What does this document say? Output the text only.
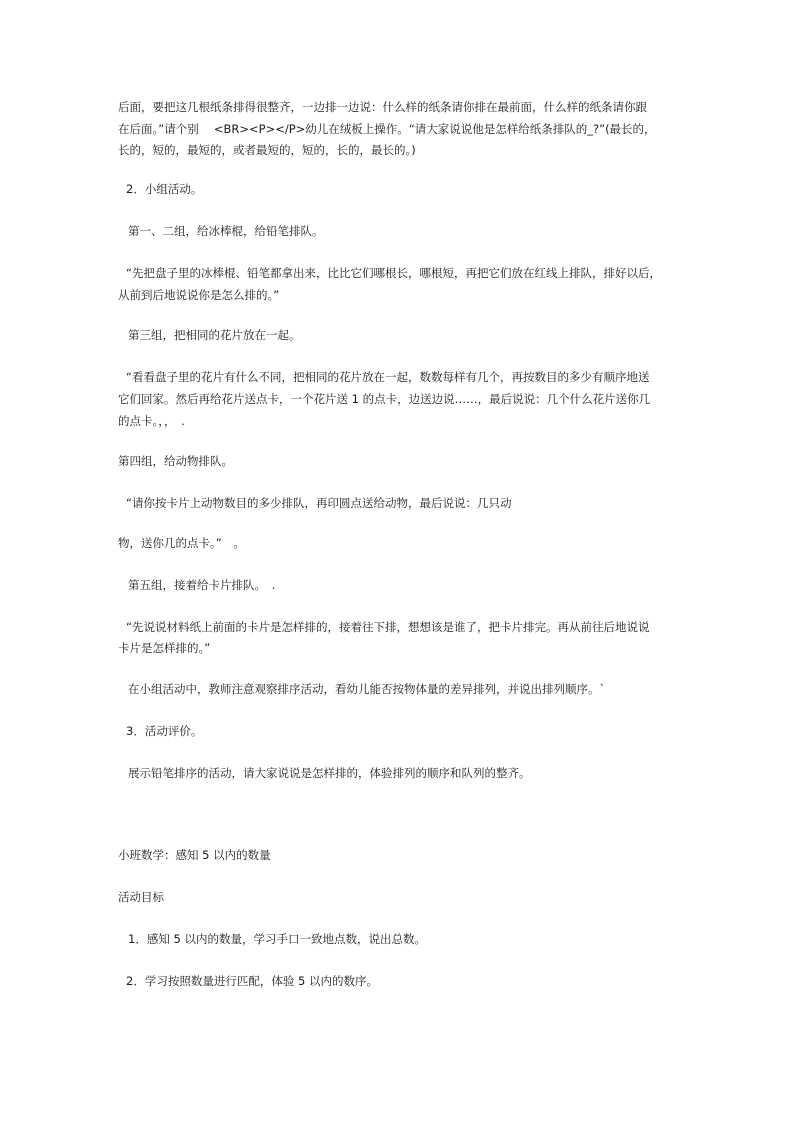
后面，要把这几根纸条排得很整齐，一边排一边说：什么样的纸条请你排在最前面，什么样的纸条请你跟
在后面。”请个别　 <BR><P></P>幼儿在绒板上操作。“请大家说说他是怎样给纸条排队的_?”(最长的，
长的，短的，最短的，或者最短的，短的，长的，最长的。)
2．小组活动。
第一、二组，给冰棒棍，给铅笔排队。
“先把盘子里的冰棒棍、铅笔都拿出来，比比它们哪根长，哪根短，再把它们放在红线上排队，排好以后，
从前到后地说说你是怎么排的。”
第三组，把相同的花片放在一起。
“看看盘子里的花片有什么不同，把相同的花片放在一起，数数每样有几个，再按数目的多少有顺序地送
它们回家。然后再给花片送点卡，一个花片送 1 的点卡，边送边说……，最后说说：几个什么花片送你几
的点卡。，，　.
第四组，给动物排队。
“请你按卡片上动物数目的多少排队，再印圆点送给动物，最后说说：几只动
物，送你几的点卡。”　。
第五组，接着给卡片排队。　.
“先说说材料纸上前面的卡片是怎样排的，接着往下排，想想该是谁了，把卡片排完。再从前往后地说说
卡片是怎样排的。”
在小组活动中，教师注意观察排序活动，看幼儿能否按物体量的差异排列，并说出排列顺序。`
3．活动评价。
展示铅笔排序的活动，请大家说说是怎样排的，体验排列的顺序和队列的整齐。
小班数学：感知 5 以内的数量
活动目标
1．感知 5 以内的数量，学习手口一致地点数，说出总数。
2．学习按照数量进行匹配，体验 5 以内的数序。
